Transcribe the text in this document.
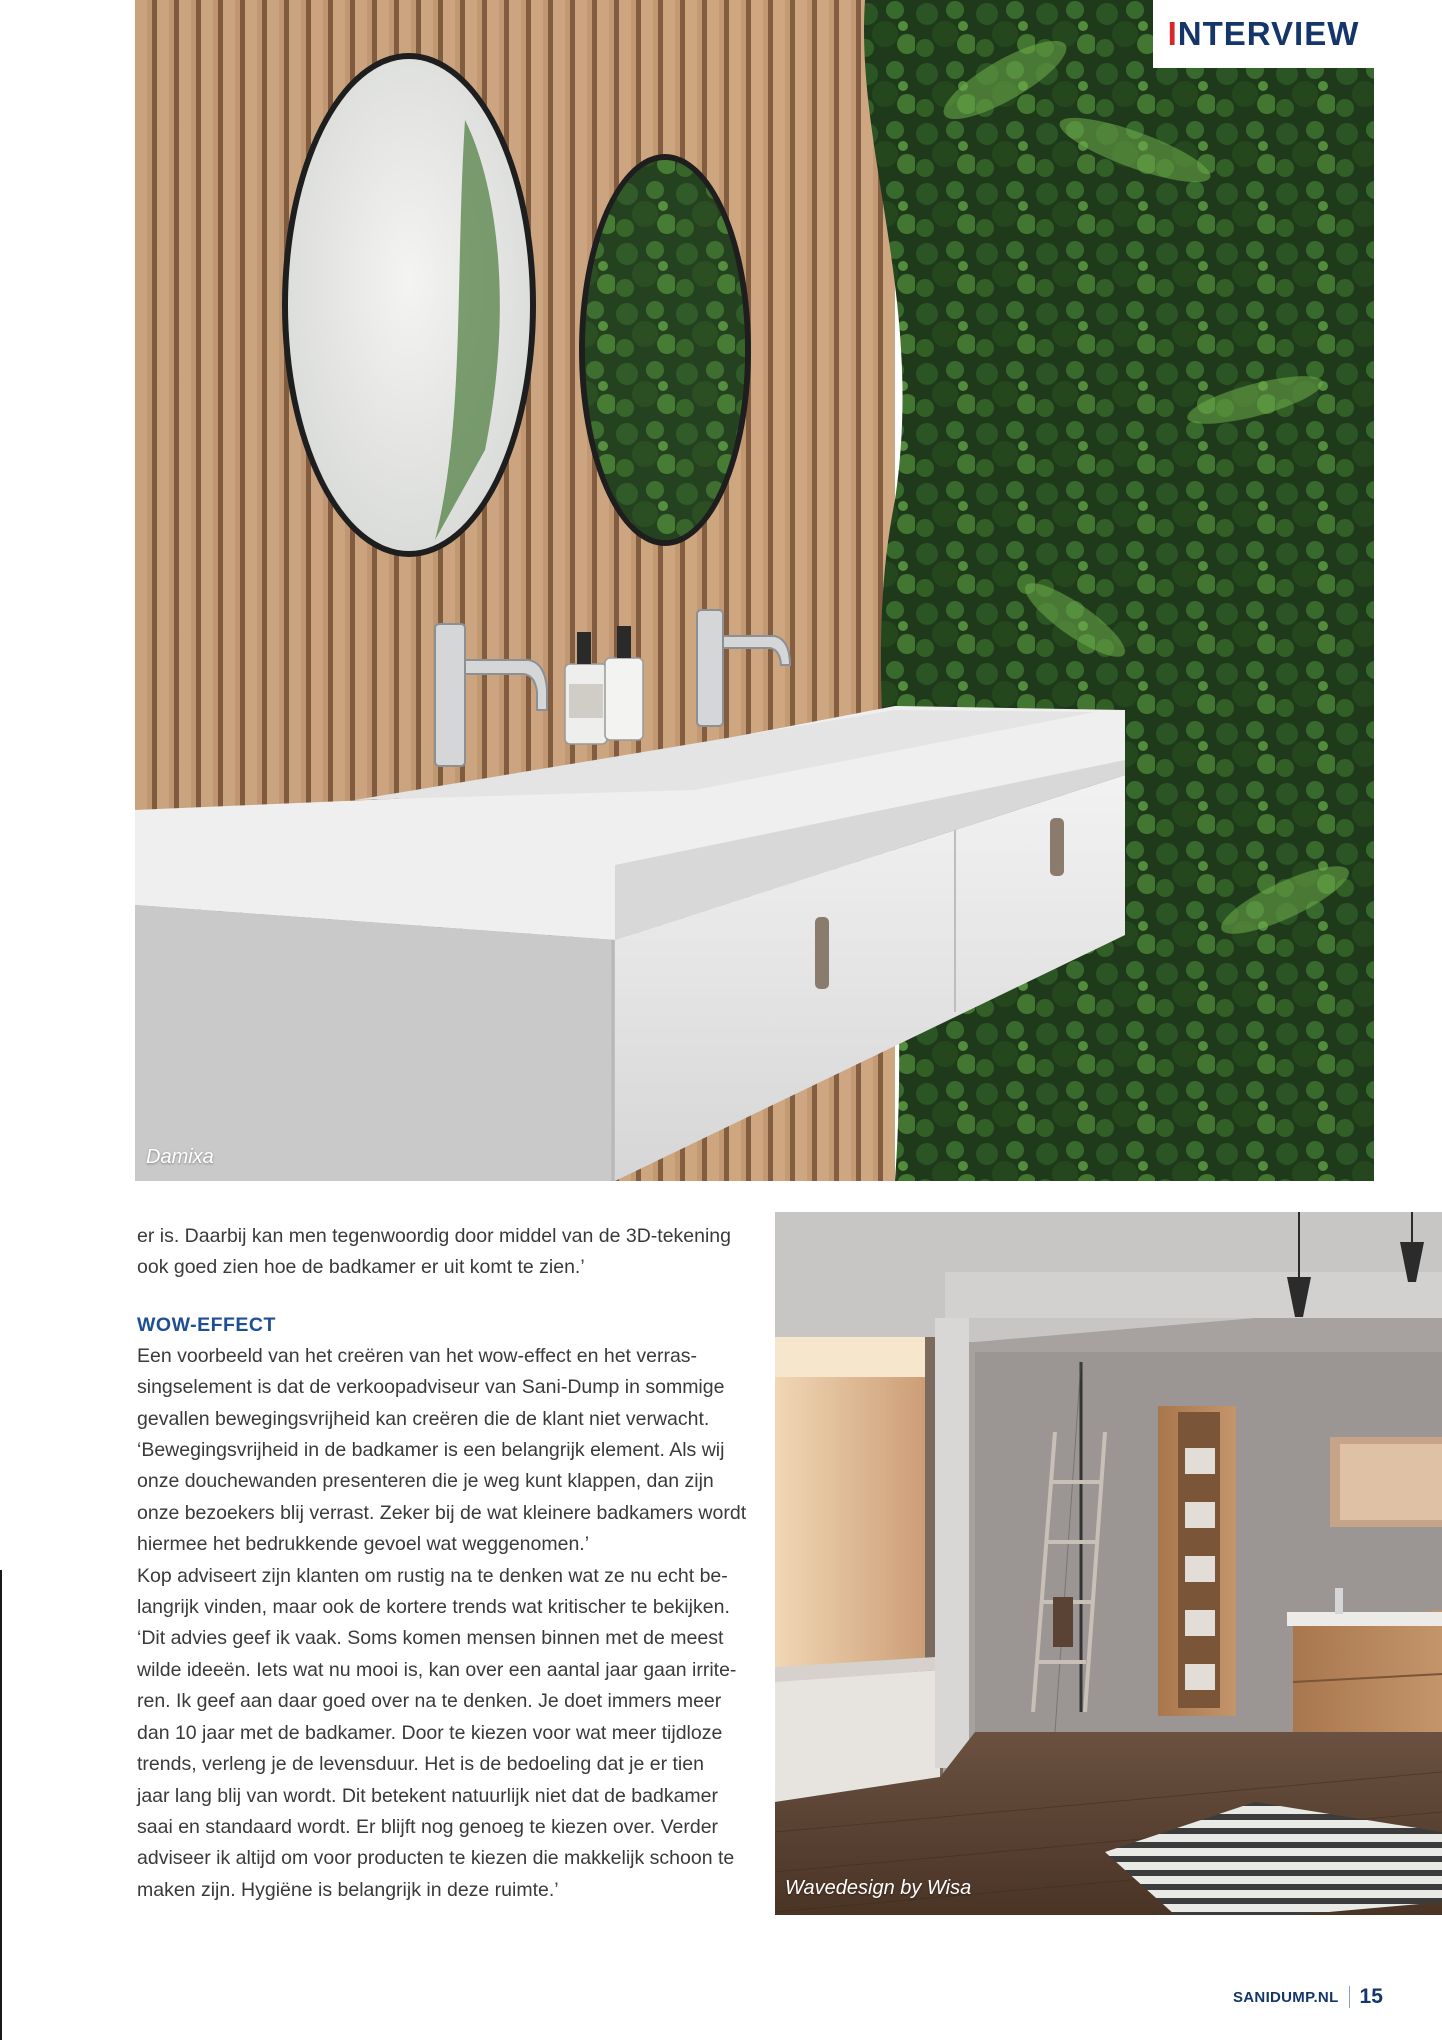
I NTERVIEW
Damixa

er is. Daarbij kan men tegenwoordig door middel van de 3D-tekening

ook goed zien hoe de badkamer er uit komt te zien.’

WOW-EFFECT

Een voorbeeld van het creëren van het wow-effect en het verras-

singselement is dat de verkoopadviseur van Sani-Dump in sommige

gevallen bewegingsvrijheid kan creëren die de klant niet verwacht.

‘Bewegingsvrijheid in de badkamer is een belangrijk element. Als wij

onze douchewanden presenteren die je weg kunt klappen, dan zijn

onze bezoekers blij verrast. Zeker bij de wat kleinere badkamers wordt

hiermee het bedrukkende gevoel wat weggenomen.’

Kop adviseert zijn klanten om rustig na te denken wat ze nu echt be-

langrijk vinden, maar ook de kortere trends wat kritischer te bekijken.

‘Dit advies geef ik vaak. Soms komen mensen binnen met de meest

wilde ideeën. Iets wat nu mooi is, kan over een aantal jaar gaan irrite-

ren. Ik geef aan daar goed over na te denken. Je doet immers meer

dan 10 jaar met de badkamer. Door te kiezen voor wat meer tijdloze

trends, verleng je de levensduur. Het is de bedoeling dat je er tien

jaar lang blij van wordt. Dit betekent natuurlijk niet dat de badkamer

saai en standaard wordt. Er blijft nog genoeg te kiezen over. Verder

adviseer ik altijd om voor producten te kiezen die makkelijk schoon te

maken zijn. Hygiëne is belangrijk in deze ruimte.’	Wavedesign by Wisa
SANIDUMP.NL 15
